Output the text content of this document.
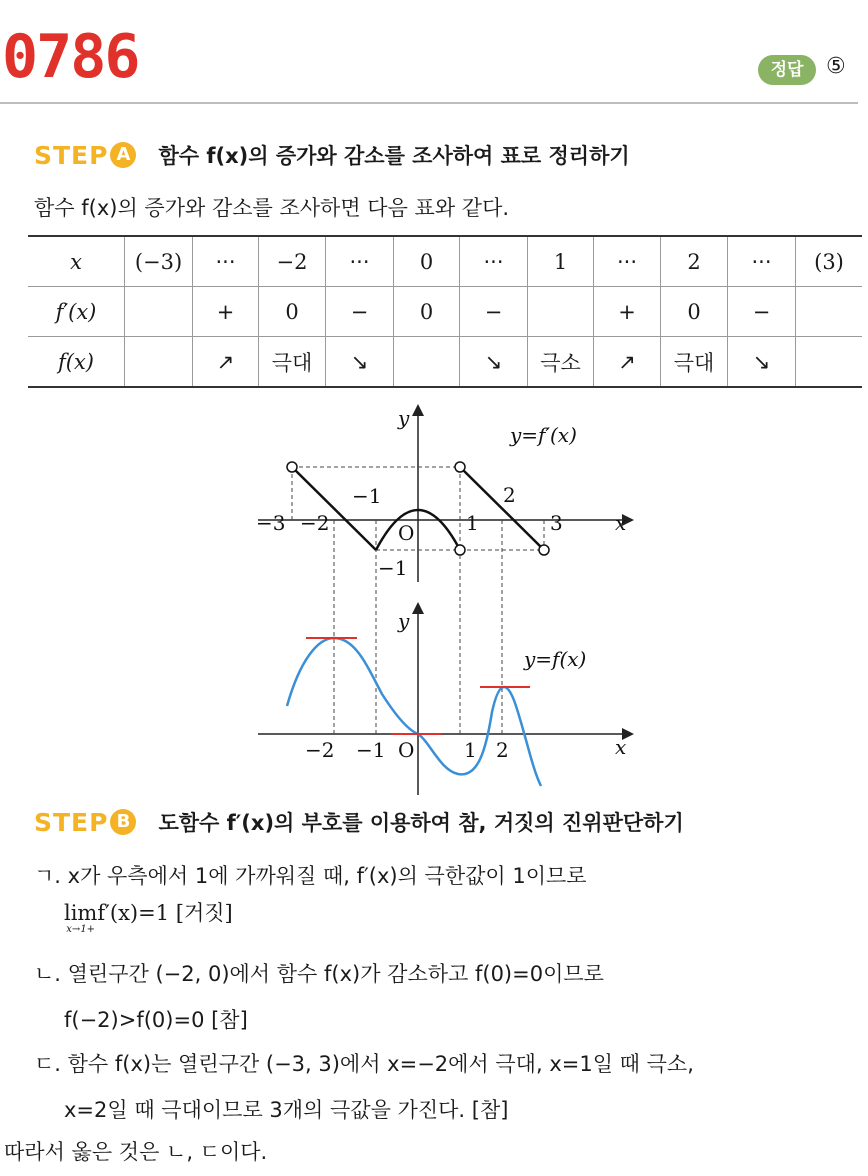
0786	정답	⑤
STEP A 함수 f(x)의 증가와 감소를 조사하여 표로 정리하기
함수 f(x)의 증가와 감소를 조사하면 다음 표와 같다.
x	(−3)	···	−2	···	0	···	1	···	2	···	(3)
f′(x)		+	0	−	0	−		+	0	−	
f(x)		↗	극대	↘		↘	극소	↗	극대	↘	
y
x
y=f′(x)
O
−3 −2
−1
1
2
3
−1
y
x
y=f(x)
O
−2 −1	1 2
STEP B 도함수 f′(x)의 부호를 이용하여 참, 거짓의 진위판단하기
ㄱ. x가 우측에서 1에 가까워질 때, f′(x)의 극한값이 1이므로
lim
x→1+
f′(x)=1 [거짓]
ㄴ. 열린구간 (−2, 0)에서 함수 f(x)가 감소하고 f(0)=0이므로
f(−2)>f(0)=0 [참]
ㄷ. 함수 f(x)는 열린구간 (−3, 3)에서 x=−2에서 극대, x=1일 때 극소,
x=2일 때 극대이므로 3개의 극값을 가진다. [참]
따라서 옳은 것은 ㄴ, ㄷ이다.
